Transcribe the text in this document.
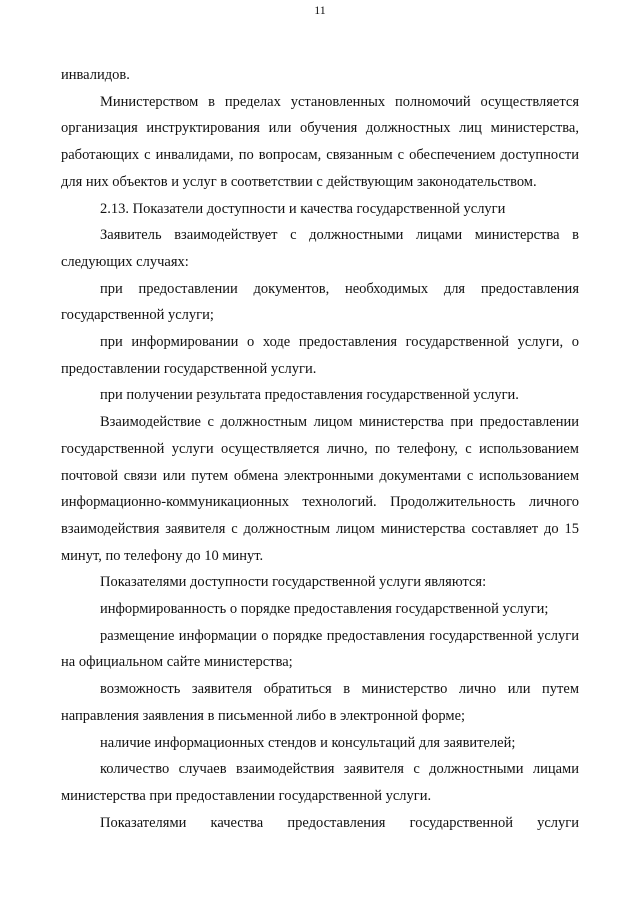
11

инвалидов.

Министерством в пределах установленных полномочий осуществляется организация инструктирования или обучения должностных лиц министерства, работающих с инвалидами, по вопросам, связанным с обеспечением доступности для них объектов и услуг в соответствии с действующим законодательством.

2.13. Показатели доступности и качества государственной услуги

Заявитель взаимодействует с должностными лицами министерства в следующих случаях:

при предоставлении документов, необходимых для предоставления государственной услуги;

при информировании о ходе предоставления государственной услуги, о предоставлении государственной услуги.

при получении результата предоставления государственной услуги.

Взаимодействие с должностным лицом министерства при предоставлении государственной услуги осуществляется лично, по телефону, с использованием почтовой связи или путем обмена электронными документами с использованием информационно-коммуникационных технологий. Продолжительность личного взаимодействия заявителя с должностным лицом министерства составляет до 15 минут, по телефону до 10 минут.

Показателями доступности государственной услуги являются:

информированность о порядке предоставления государственной услуги;

размещение информации о порядке предоставления государственной услуги на официальном сайте министерства;

возможность заявителя обратиться в министерство лично или путем направления заявления в письменной либо в электронной форме;

наличие информационных стендов и консультаций для заявителей;

количество случаев взаимодействия заявителя с должностными лицами министерства при предоставлении государственной услуги.

Показателями качества предоставления государственной услуги
